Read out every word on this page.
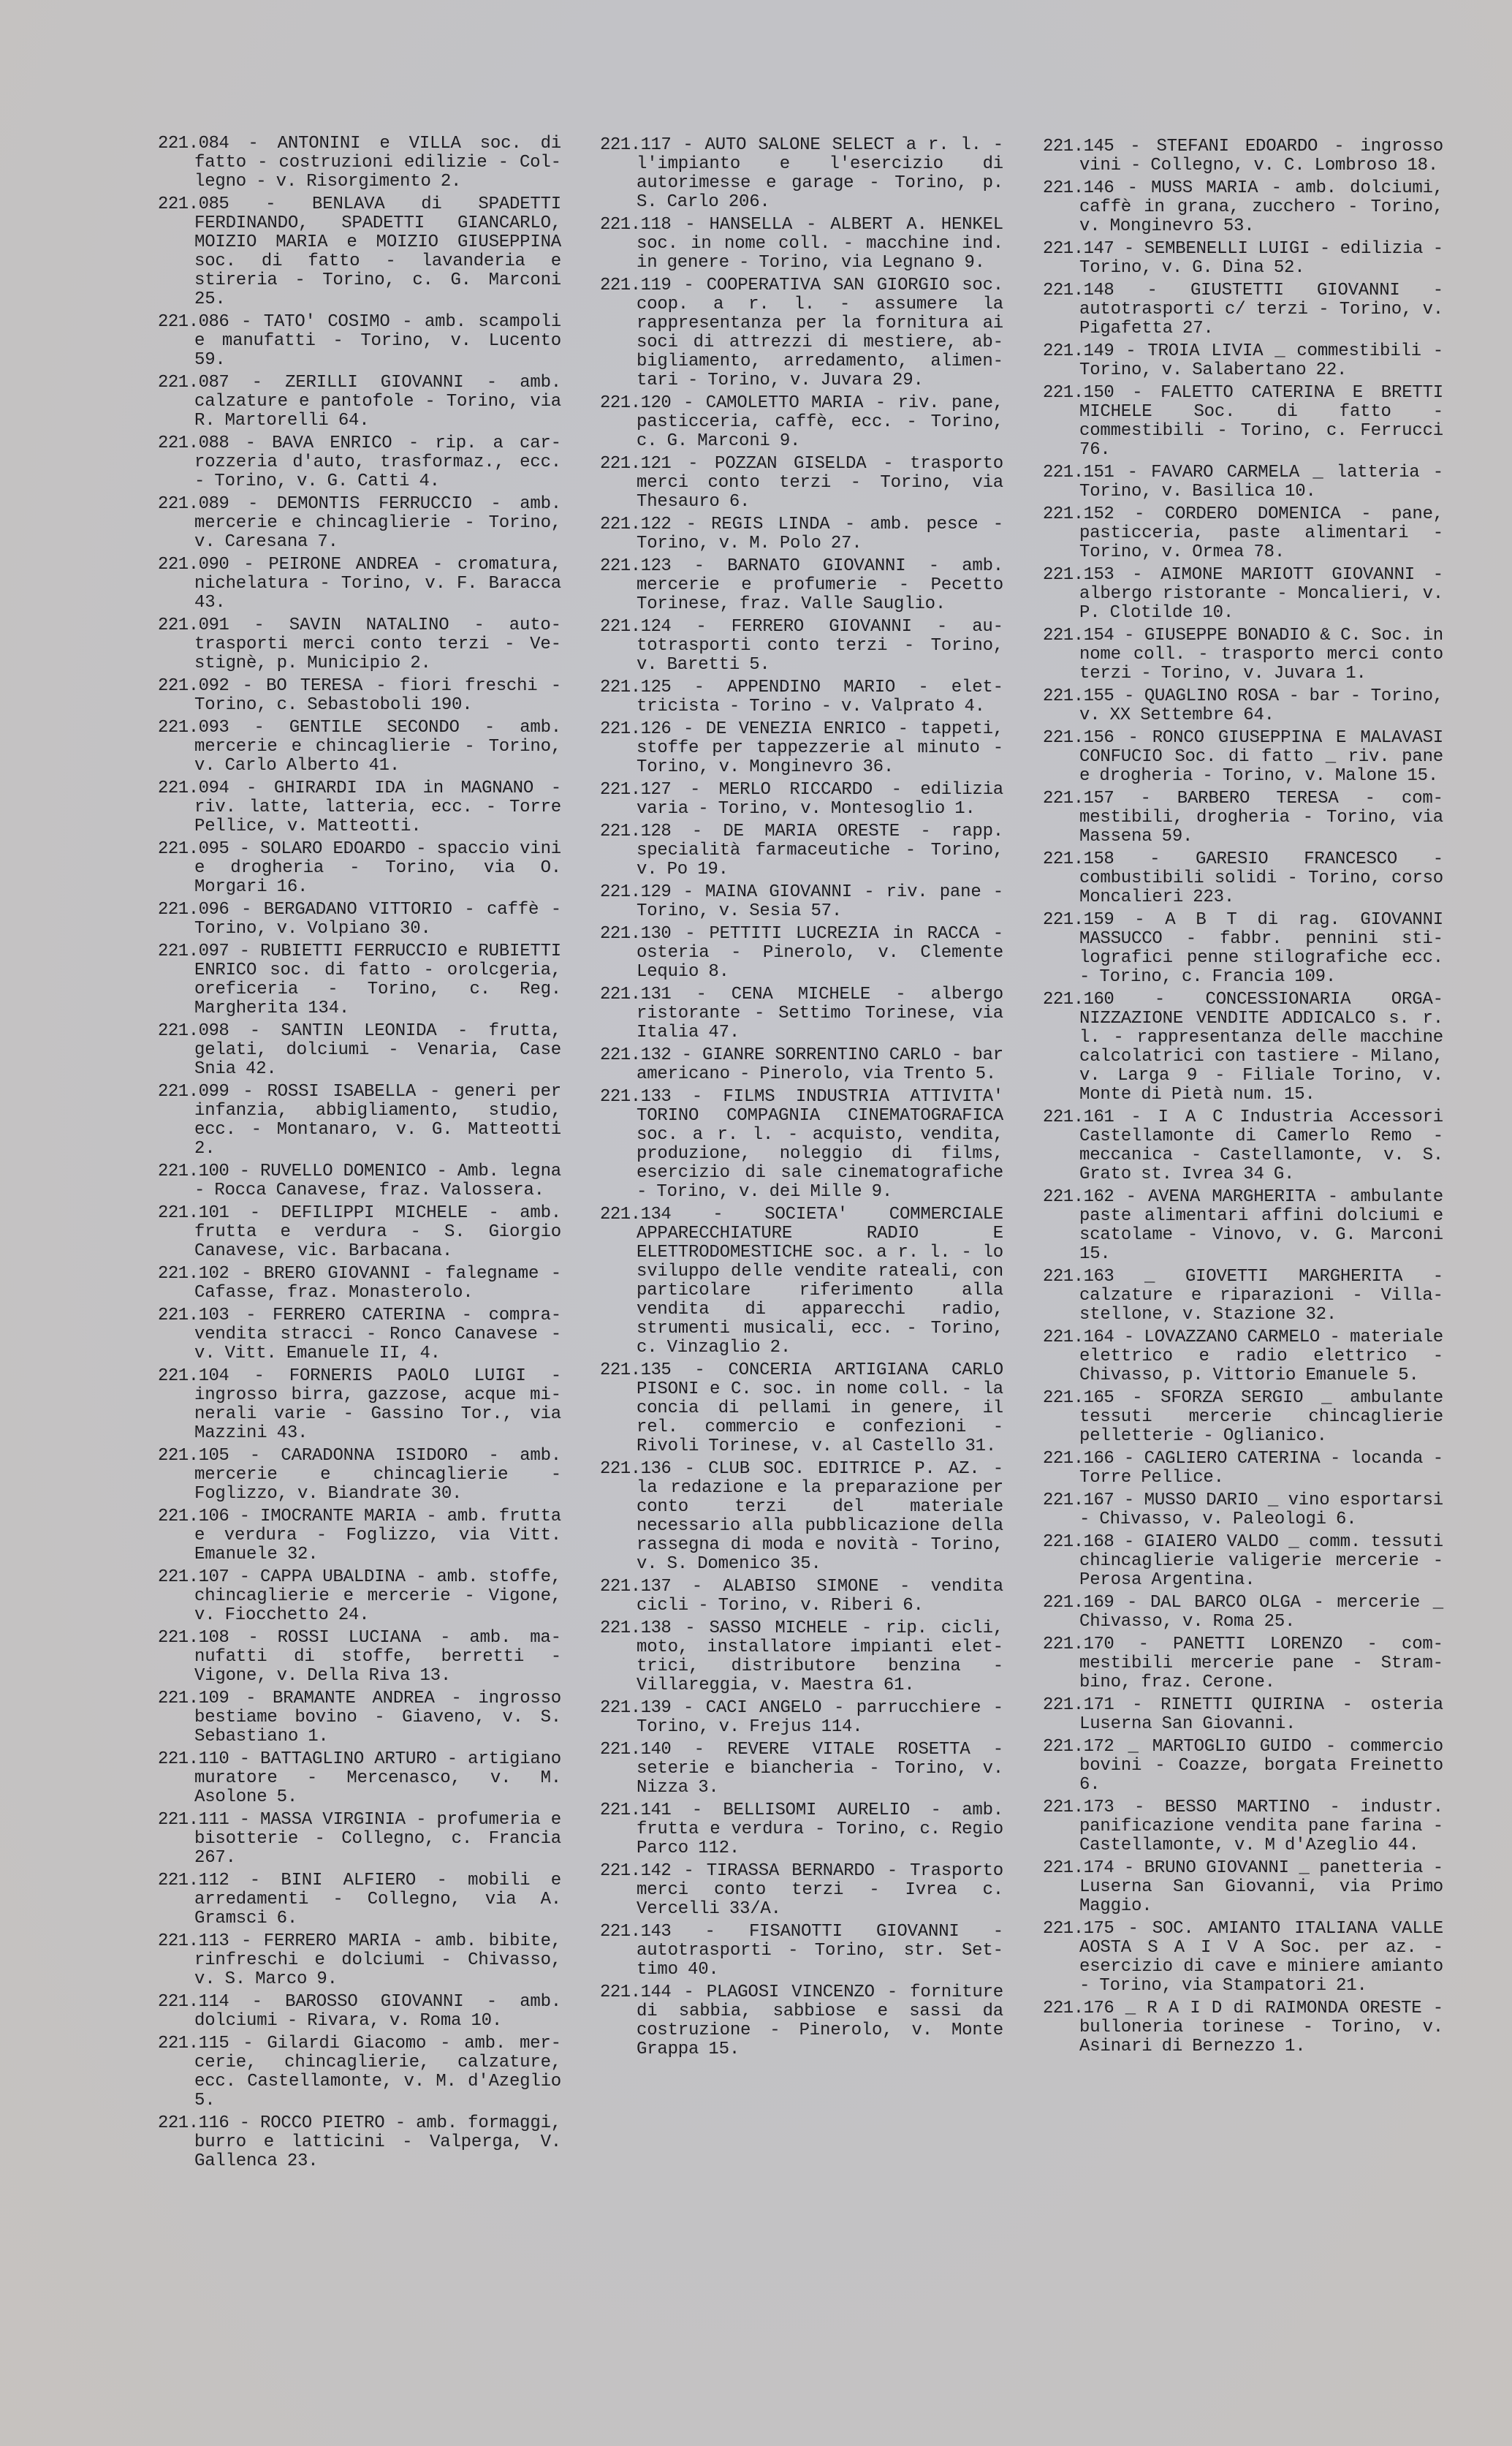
221.084 - ANTONINI e VILLA soc. di fatto - costruzioni edilizie - Collegno - v. Risorgimento 2.

221.085 - BENLAVA di SPADETTI FERDINANDO, SPADETTI GIANCARLO, MOIZIO MARIA e MOIZIO GIUSEPPINA soc. di fatto - lavanderia e stireria - Torino, c. G. Marconi 25.

221.086 - TATO' COSIMO - amb. scampoli e manufatti - Torino, v. Lucento 59.

221.087 - ZERILLI GIOVANNI - amb. calzature e pantofole - Torino, via R. Martorelli 64.

221.088 - BAVA ENRICO - rip. a carrozzeria d'auto, trasformaz., ecc. - Torino, v. G. Catti 4.

221.089 - DEMONTIS FERRUCCIO - amb. mercerie e chincaglierie - Torino, v. Caresana 7.

221.090 - PEIRONE ANDREA - cromatura, nichelatura - Torino, v. F. Baracca 43.

221.091 - SAVIN NATALINO - autotrasporti merci conto terzi - Vestignè, p. Municipio 2.

221.092 - BO TERESA - fiori freschi - Torino, c. Sebastoboli 190.

221.093 - GENTILE SECONDO - amb. mercerie e chincaglierie - Torino, v. Carlo Alberto 41.

221.094 - GHIRARDI IDA in MAGNANO - riv. latte, latteria, ecc. - Torre Pellice, v. Matteotti.

221.095 - SOLARO EDOARDO - spaccio vini e drogheria - Torino, via O. Morgari 16.

221.096 - BERGADANO VITTORIO - caffè - Torino, v. Volpiano 30.

221.097 - RUBIETTI FERRUCCIO e RUBIETTI ENRICO soc. di fatto - orolcgeria, oreficeria - Torino, c. Reg. Margherita 134.

221.098 - SANTIN LEONIDA - frutta, gelati, dolciumi - Venaria, Case Snia 42.

221.099 - ROSSI ISABELLA - generi per infanzia, abbigliamento, studio, ecc. - Montanaro, v. G. Matteotti 2.

221.100 - RUVELLO DOMENICO - Amb. legna - Rocca Canavese, fraz. Valossera.

221.101 - DEFILIPPI MICHELE - amb. frutta e verdura - S. Giorgio Canavese, vic. Barbacana.

221.102 - BRERO GIOVANNI - falegname - Cafasse, fraz. Monasterolo.

221.103 - FERRERO CATERINA - compra-vendita stracci - Ronco Canavese - v. Vitt. Emanuele II, 4.

221.104 - FORNERIS PAOLO LUIGI - ingrosso birra, gazzose, acque minerali varie - Gassino Tor., via Mazzini 43.

221.105 - CARADONNA ISIDORO - amb. mercerie e chincaglierie - Foglizzo, v. Biandrate 30.

221.106 - IMOCRANTE MARIA - amb. frutta e verdura - Foglizzo, via Vitt. Emanuele 32.

221.107 - CAPPA UBALDINA - amb. stoffe, chincaglierie e mercerie - Vigone, v. Fiocchetto 24.

221.108 - ROSSI LUCIANA - amb. manufatti di stoffe, berretti - Vigone, v. Della Riva 13.

221.109 - BRAMANTE ANDREA - ingrosso bestiame bovino - Giaveno, v. S. Sebastiano 1.

221.110 - BATTAGLINO ARTURO - artigiano muratore - Mercenasco, v. M. Asolone 5.

221.111 - MASSA VIRGINIA - profumeria e bisotterie - Collegno, c. Francia 267.

221.112 - BINI ALFIERO - mobili e arredamenti - Collegno, via A. Gramsci 6.

221.113 - FERRERO MARIA - amb. bibite, rinfreschi e dolciumi - Chivasso, v. S. Marco 9.

221.114 - BAROSSO GIOVANNI - amb. dolciumi - Rivara, v. Roma 10.

221.115 - Gilardi Giacomo - amb. mercerie, chincaglierie, calzature, ecc. Castellamonte, v. M. d'Azeglio 5.

221.116 - ROCCO PIETRO - amb. formaggi, burro e latticini - Valperga, V. Gallenca 23.

221.117 - AUTO SALONE SELECT a r. l. - l'impianto e l'esercizio di autorimesse e garage - Torino, p. S. Carlo 206.

221.118 - HANSELLA - ALBERT A. HENKEL soc. in nome coll. - macchine ind. in genere - Torino, via Legnano 9.

221.119 - COOPERATIVA SAN GIORGIO soc. coop. a r. l. - assumere la rappresentanza per la fornitura ai soci di attrezzi di mestiere, abbigliamento, arredamento, alimentari - Torino, v. Juvara 29.

221.120 - CAMOLETTO MARIA - riv. pane, pasticceria, caffè, ecc. - Torino, c. G. Marconi 9.

221.121 - POZZAN GISELDA - trasporto merci conto terzi - Torino, via Thesauro 6.

221.122 - REGIS LINDA - amb. pesce - Torino, v. M. Polo 27.

221.123 - BARNATO GIOVANNI - amb. mercerie e profumerie - Pecetto Torinese, fraz. Valle Sauglio.

221.124 - FERRERO GIOVANNI - autotrasporti conto terzi - Torino, v. Baretti 5.

221.125 - APPENDINO MARIO - elettricista - Torino - v. Valprato 4.

221.126 - DE VENEZIA ENRICO - tappeti, stoffe per tappezzerie al minuto - Torino, v. Monginevro 36.

221.127 - MERLO RICCARDO - edilizia varia - Torino, v. Montesoglio 1.

221.128 - DE MARIA ORESTE - rapp. specialità farmaceutiche - Torino, v. Po 19.

221.129 - MAINA GIOVANNI - riv. pane - Torino, v. Sesia 57.

221.130 - PETTITI LUCREZIA in RACCA - osteria - Pinerolo, v. Clemente Lequio 8.

221.131 - CENA MICHELE - albergo ristorante - Settimo Torinese, via Italia 47.

221.132 - GIANRE SORRENTINO CARLO - bar americano - Pinerolo, via Trento 5.

221.133 - FILMS INDUSTRIA ATTIVITA' TORINO COMPAGNIA CINEMATOGRAFICA soc. a r. l. - acquisto, vendita, produzione, noleggio di films, esercizio di sale cinematografiche - Torino, v. dei Mille 9.

221.134 - SOCIETA' COMMERCIALE APPARECCHIATURE RADIO E ELETTRODOMESTICHE soc. a r. l. - lo sviluppo delle vendite rateali, con particolare riferimento alla vendita di apparecchi radio, strumenti musicali, ecc. - Torino, c. Vinzaglio 2.

221.135 - CONCERIA ARTIGIANA CARLO PISONI e C. soc. in nome coll. - la concia di pellami in genere, il rel. commercio e confezioni - Rivoli Torinese, v. al Castello 31.

221.136 - CLUB SOC. EDITRICE P. AZ. - la redazione e la preparazione per conto terzi del materiale necessario alla pubblicazione della rassegna di moda e novità - Torino, v. S. Domenico 35.

221.137 - ALABISO SIMONE - vendita cicli - Torino, v. Riberi 6.

221.138 - SASSO MICHELE - rip. cicli, moto, installatore impianti elettrici, distributore benzina - Villareggia, v. Maestra 61.

221.139 - CACI ANGELO - parrucchiere - Torino, v. Frejus 114.

221.140 - REVERE VITALE ROSETTA - seterie e biancheria - Torino, v. Nizza 3.

221.141 - BELLISOMI AURELIO - amb. frutta e verdura - Torino, c. Regio Parco 112.

221.142 - TIRASSA BERNARDO - Trasporto merci conto terzi - Ivrea c. Vercelli 33/A.

221.143 - FISANOTTI GIOVANNI - autotrasporti - Torino, str. Settimo 40.

221.144 - PLAGOSI VINCENZO - forniture di sabbia, sabbiose e sassi da costruzione - Pinerolo, v. Monte Grappa 15.

221.145 - STEFANI EDOARDO - ingrosso vini - Collegno, v. C. Lombroso 18.

221.146 - MUSS MARIA - amb. dolciumi, caffè in grana, zucchero - Torino, v. Monginevro 53.

221.147 - SEMBENELLI LUIGI - edilizia - Torino, v. G. Dina 52.

221.148 - GIUSTETTI GIOVANNI - autotrasporti c/ terzi - Torino, v. Pigafetta 27.

221.149 - TROIA LIVIA _ commestibili - Torino, v. Salabertano 22.

221.150 - FALETTO CATERINA E BRETTI MICHELE Soc. di fatto - commestibili - Torino, c. Ferrucci 76.

221.151 - FAVARO CARMELA _ latteria - Torino, v. Basilica 10.

221.152 - CORDERO DOMENICA - pane, pasticceria, paste alimentari - Torino, v. Ormea 78.

221.153 - AIMONE MARIOTT GIOVANNI - albergo ristorante - Moncalieri, v. P. Clotilde 10.

221.154 - GIUSEPPE BONADIO & C. Soc. in nome coll. - trasporto merci conto terzi - Torino, v. Juvara 1.

221.155 - QUAGLINO ROSA - bar - Torino, v. XX Settembre 64.

221.156 - RONCO GIUSEPPINA E MALAVASI CONFUCIO Soc. di fatto _ riv. pane e drogheria - Torino, v. Malone 15.

221.157 - BARBERO TERESA - commestibili, drogheria - Torino, via Massena 59.

221.158 - GARESIO FRANCESCO - combustibili solidi - Torino, corso Moncalieri 223.

221.159 - A B T di rag. GIOVANNI MASSUCCO - fabbr. pennini stilografici penne stilografiche ecc. - Torino, c. Francia 109.

221.160 - CONCESSIONARIA ORGANIZZAZIONE VENDITE ADDICALCO s. r. l. - rappresentanza delle macchine calcolatrici con tastiere - Milano, v. Larga 9 - Filiale Torino, v. Monte di Pietà num. 15.

221.161 - I A C Industria Accessori Castellamonte di Camerlo Remo - meccanica - Castellamonte, v. S. Grato st. Ivrea 34 G.

221.162 - AVENA MARGHERITA - ambulante paste alimentari affini dolciumi e scatolame - Vinovo, v. G. Marconi 15.

221.163 _ GIOVETTI MARGHERITA - calzature e riparazioni - Villastellone, v. Stazione 32.

221.164 - LOVAZZANO CARMELO - materiale elettrico e radio elettrico - Chivasso, p. Vittorio Emanuele 5.

221.165 - SFORZA SERGIO _ ambulante tessuti mercerie chincaglierie pelletterie - Oglianico.

221.166 - CAGLIERO CATERINA - locanda - Torre Pellice.

221.167 - MUSSO DARIO _ vino esportarsi - Chivasso, v. Paleologi 6.

221.168 - GIAIERO VALDO _ comm. tessuti chincaglierie valigerie mercerie - Perosa Argentina.

221.169 - DAL BARCO OLGA - mercerie _ Chivasso, v. Roma 25.

221.170 - PANETTI LORENZO - commestibili mercerie pane - Strambino, fraz. Cerone.

221.171 - RINETTI QUIRINA - osteria Luserna San Giovanni.

221.172 _ MARTOGLIO GUIDO - commercio bovini - Coazze, borgata Freinetto 6.

221.173 - BESSO MARTINO - industr. panificazione vendita pane farina - Castellamonte, v. M d'Azeglio 44.

221.174 - BRUNO GIOVANNI _ panetteria - Luserna San Giovanni, via Primo Maggio.

221.175 - SOC. AMIANTO ITALIANA VALLE AOSTA S A I V A Soc. per az. - esercizio di cave e miniere amianto - Torino, via Stampatori 21.

221.176 _ R A I D di RAIMONDA ORESTE - bulloneria torinese - Torino, v. Asinari di Bernezzo 1.
